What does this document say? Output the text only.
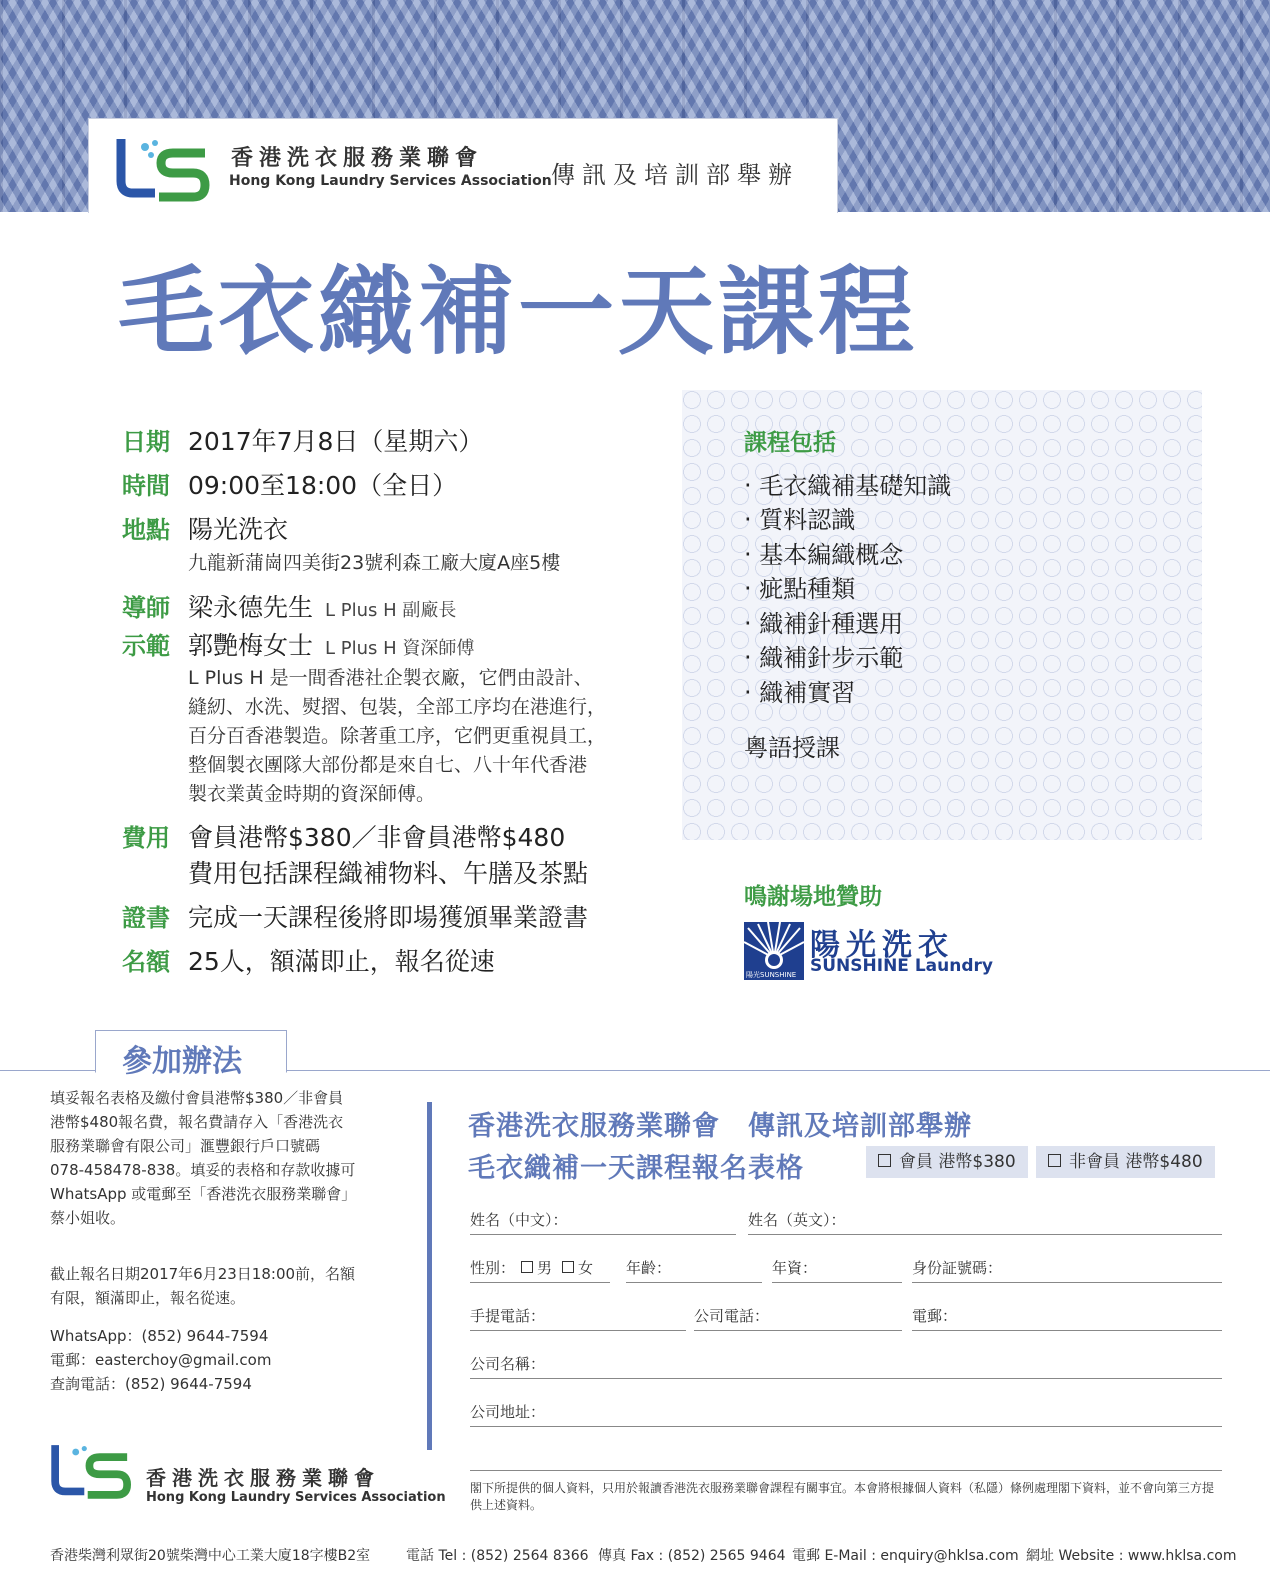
香港洗衣服務業聯會
Hong Kong Laundry Services Association 傳訊及培訓部舉辦
毛衣織補一天課程
日期 2017年7月8日（星期六）
時間 09:00至18:00（全日）
地點 陽光洗衣
九龍新蒲崗四美街23號利森工廠大廈A座5樓
導師 梁永德先生 L Plus H 副廠長
示範 郭艷梅女士 L Plus H 資深師傅
L Plus H 是一間香港社企製衣廠，它們由設計、
縫紉、水洗、熨摺、包裝，全部工序均在港進行，
百分百香港製造。除著重工序，它們更重視員工，
整個製衣團隊大部份都是來自七、八十年代香港
製衣業黃金時期的資深師傅。
費用 會員港幣$380／非會員港幣$480
費用包括課程織補物料、午膳及茶點
證書 完成一天課程後將即場獲頒畢業證書
名額 25人，額滿即止，報名從速
課程包括
‧ 毛衣織補基礎知識
‧ 質料認識
‧ 基本編織概念
‧ 疵點種類
‧ 織補針種選用
‧ 織補針步示範
‧ 織補實習
粵語授課
鳴謝場地贊助
陽光SUNSHINE
陽光洗衣
SUNSHINE Laundry
參加辦法
填妥報名表格及繳付會員港幣$380／非會員
港幣$480報名費，報名費請存入「香港洗衣
服務業聯會有限公司」滙豐銀行戶口號碼
078-458478-838。填妥的表格和存款收據可
WhatsApp 或電郵至「香港洗衣服務業聯會」
蔡小姐收。
截止報名日期2017年6月23日18:00前，名額
有限，額滿即止，報名從速。
WhatsApp：(852) 9644-7594
電郵：easterchoy@gmail.com
查詢電話：(852) 9644-7594
香港洗衣服務業聯會
Hong Kong Laundry Services Association
香港洗衣服務業聯會　傳訊及培訓部舉辦
毛衣織補一天課程報名表格	會員 港幣$380	非會員 港幣$480
姓名（中文）：	姓名（英文）：
性別： 男 女	年齡：	年資：	身份証號碼：
手提電話：	公司電話：	電郵：
公司名稱：
公司地址：
閣下所提供的個人資料，只用於報讀香港洗衣服務業聯會課程有關事宜。本會將根據個人資料（私隱）條例處理閣下資料，並不會向第三方提供上述資料。
香港柴灣利眾街20號柴灣中心工業大廈18字樓B2室	電話 Tel : (852) 2564 8366 傳真 Fax : (852) 2565 9464 電郵 E-Mail : enquiry@hklsa.com 網址 Website : www.hklsa.com
